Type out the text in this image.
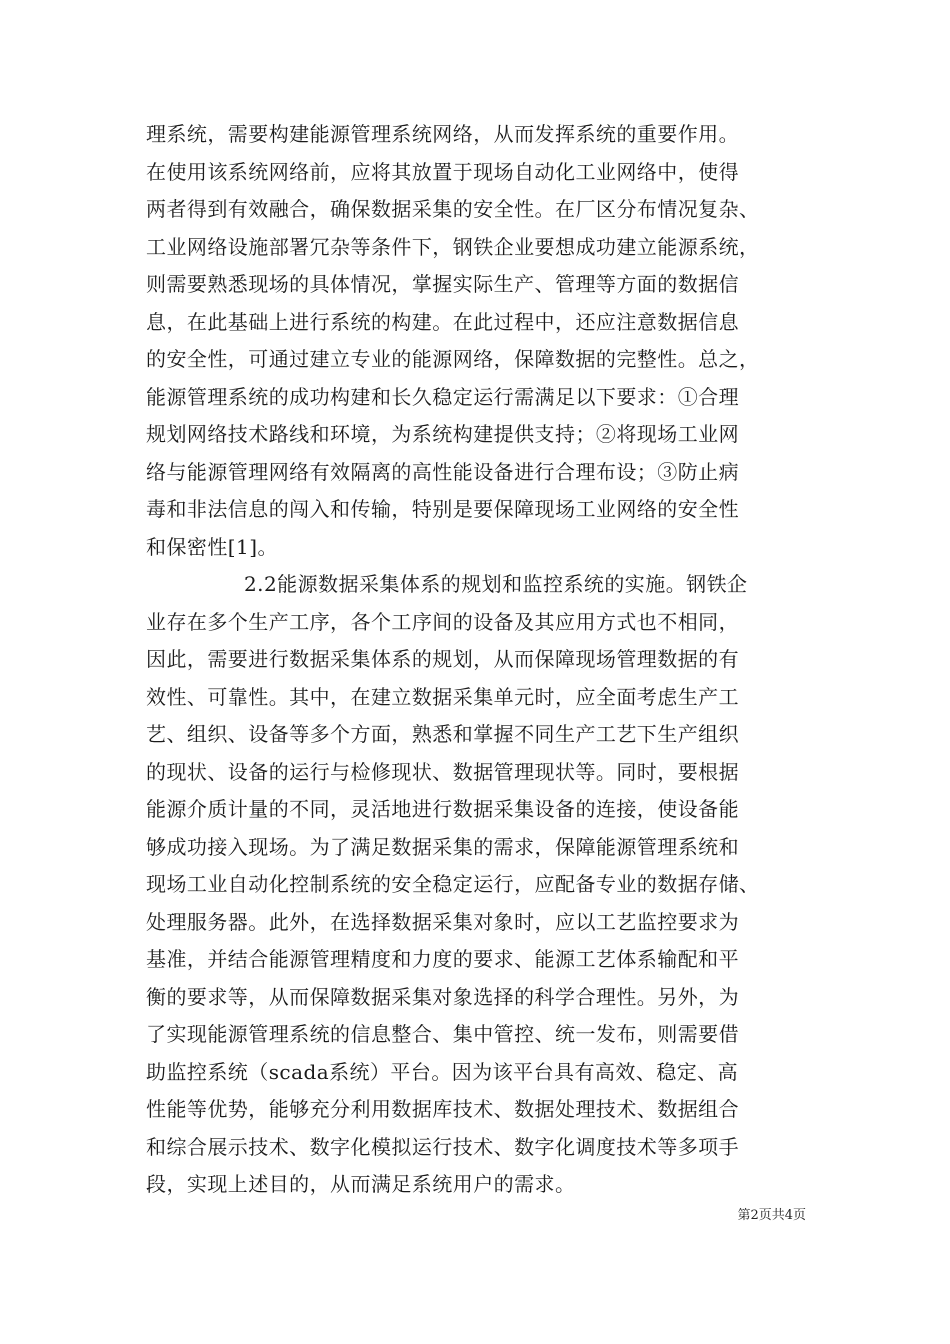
理系统，需要构建能源管理系统网络，从而发挥系统的重要作用。
在使用该系统网络前，应将其放置于现场自动化工业网络中，使得
两者得到有效融合，确保数据采集的安全性。在厂区分布情况复杂、
工业网络设施部署冗杂等条件下，钢铁企业要想成功建立能源系统，
则需要熟悉现场的具体情况，掌握实际生产、管理等方面的数据信
息，在此基础上进行系统的构建。在此过程中，还应注意数据信息
的安全性，可通过建立专业的能源网络，保障数据的完整性。总之，
能源管理系统的成功构建和长久稳定运行需满足以下要求：①合理
规划网络技术路线和环境，为系统构建提供支持；②将现场工业网
络与能源管理网络有效隔离的高性能设备进行合理布设；③防止病
毒和非法信息的闯入和传输，特别是要保障现场工业网络的安全性
和保密性[1]。
2.2能源数据采集体系的规划和监控系统的实施。钢铁企
业存在多个生产工序，各个工序间的设备及其应用方式也不相同，
因此，需要进行数据采集体系的规划，从而保障现场管理数据的有
效性、可靠性。其中，在建立数据采集单元时，应全面考虑生产工
艺、组织、设备等多个方面，熟悉和掌握不同生产工艺下生产组织
的现状、设备的运行与检修现状、数据管理现状等。同时，要根据
能源介质计量的不同，灵活地进行数据采集设备的连接，使设备能
够成功接入现场。为了满足数据采集的需求，保障能源管理系统和
现场工业自动化控制系统的安全稳定运行，应配备专业的数据存储、
处理服务器。此外，在选择数据采集对象时，应以工艺监控要求为
基准，并结合能源管理精度和力度的要求、能源工艺体系输配和平
衡的要求等，从而保障数据采集对象选择的科学合理性。另外，为
了实现能源管理系统的信息整合、集中管控、统一发布，则需要借
助监控系统（scada系统）平台。因为该平台具有高效、稳定、高
性能等优势，能够充分利用数据库技术、数据处理技术、数据组合
和综合展示技术、数字化模拟运行技术、数字化调度技术等多项手
段，实现上述目的，从而满足系统用户的需求。
第2页共4页
